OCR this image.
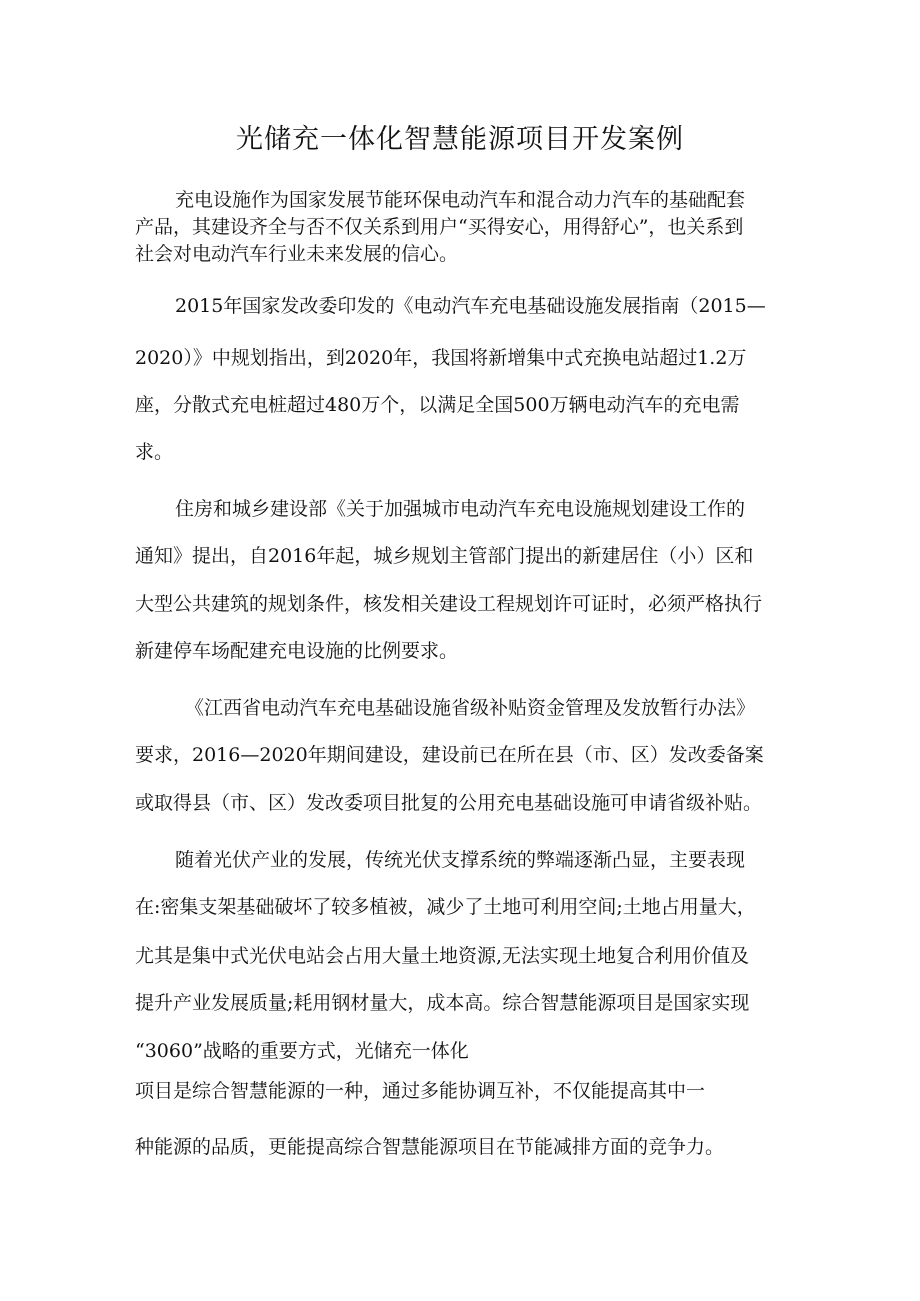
光储充一体化智慧能源项目开发案例
充电设施作为国家发展节能环保电动汽车和混合动力汽车的基础配套
产品，其建设齐全与否不仅关系到用户“买得安心，用得舒心”，也关系到
社会对电动汽车行业未来发展的信心。
2015年国家发改委印发的《电动汽车充电基础设施发展指南（2015—
2020）》中规划指出，到2020年，我国将新增集中式充换电站超过1.2万
座，分散式充电桩超过480万个，以满足全国500万辆电动汽车的充电需
求。
住房和城乡建设部《关于加强城市电动汽车充电设施规划建设工作的
通知》提出，自2016年起，城乡规划主管部门提出的新建居住（小）区和
大型公共建筑的规划条件，核发相关建设工程规划许可证时，必须严格执行
新建停车场配建充电设施的比例要求。
《江西省电动汽车充电基础设施省级补贴资金管理及发放暂行办法》
要求，2016—2020年期间建设，建设前已在所在县（市、区）发改委备案
或取得县（市、区）发改委项目批复的公用充电基础设施可申请省级补贴。
随着光伏产业的发展，传统光伏支撑系统的弊端逐渐凸显，主要表现
在:密集支架基础破坏了较多植被，减少了土地可利用空间;土地占用量大，
尤其是集中式光伏电站会占用大量土地资源,无法实现土地复合利用价值及
提升产业发展质量;耗用钢材量大，成本高。综合智慧能源项目是国家实现
“3060”战略的重要方式，光储充一体化
项目是综合智慧能源的一种，通过多能协调互补，不仅能提高其中一
种能源的品质，更能提高综合智慧能源项目在节能减排方面的竞争力。
